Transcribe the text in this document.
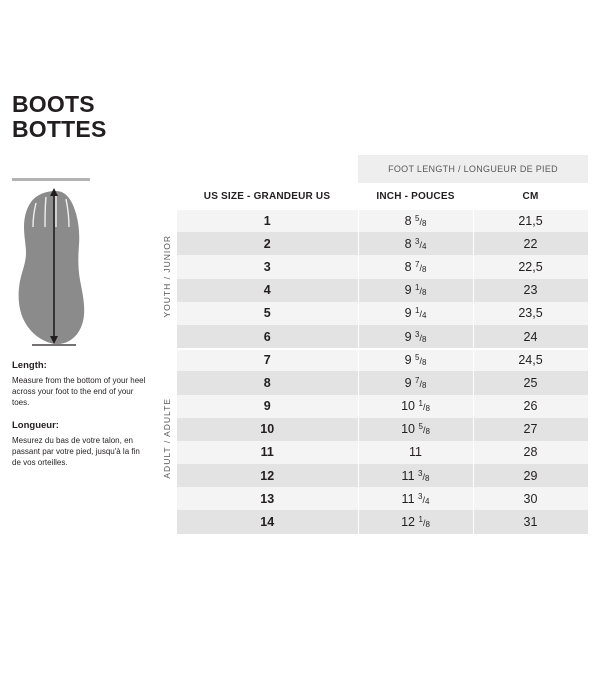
BOOTS
BOTTES
Length:
Measure from the bottom of your heel across your foot to the end of your toes.
Longueur:
Mesurez du bas de votre talon, en passant par votre pied, jusqu'à la fin de vos orteilles.
		FOOT LENGTH / LONGUEUR DE PIED	
	US SIZE - GRANDEUR US	INCH - POUCES	CM
YOUTH / JUNIOR	1	8 $^5$/8	21,5
	2	8 $^3$/4	22
	3	8 $^7$/8	22,5
	4	9 $^1$/8	23
	5	9 $^1$/4	23,5
	6	9 $^3$/8	24
ADULT / ADULTE	7	9 $^5$/8	24,5
	8	9 $^7$/8	25
	9	10 $^1$/8	26
	10	10 $^5$/8	27
	11	11	28
	12	11 $^3$/8	29
	13	11 $^3$/4	30
	14	12 $^1$/8	31
